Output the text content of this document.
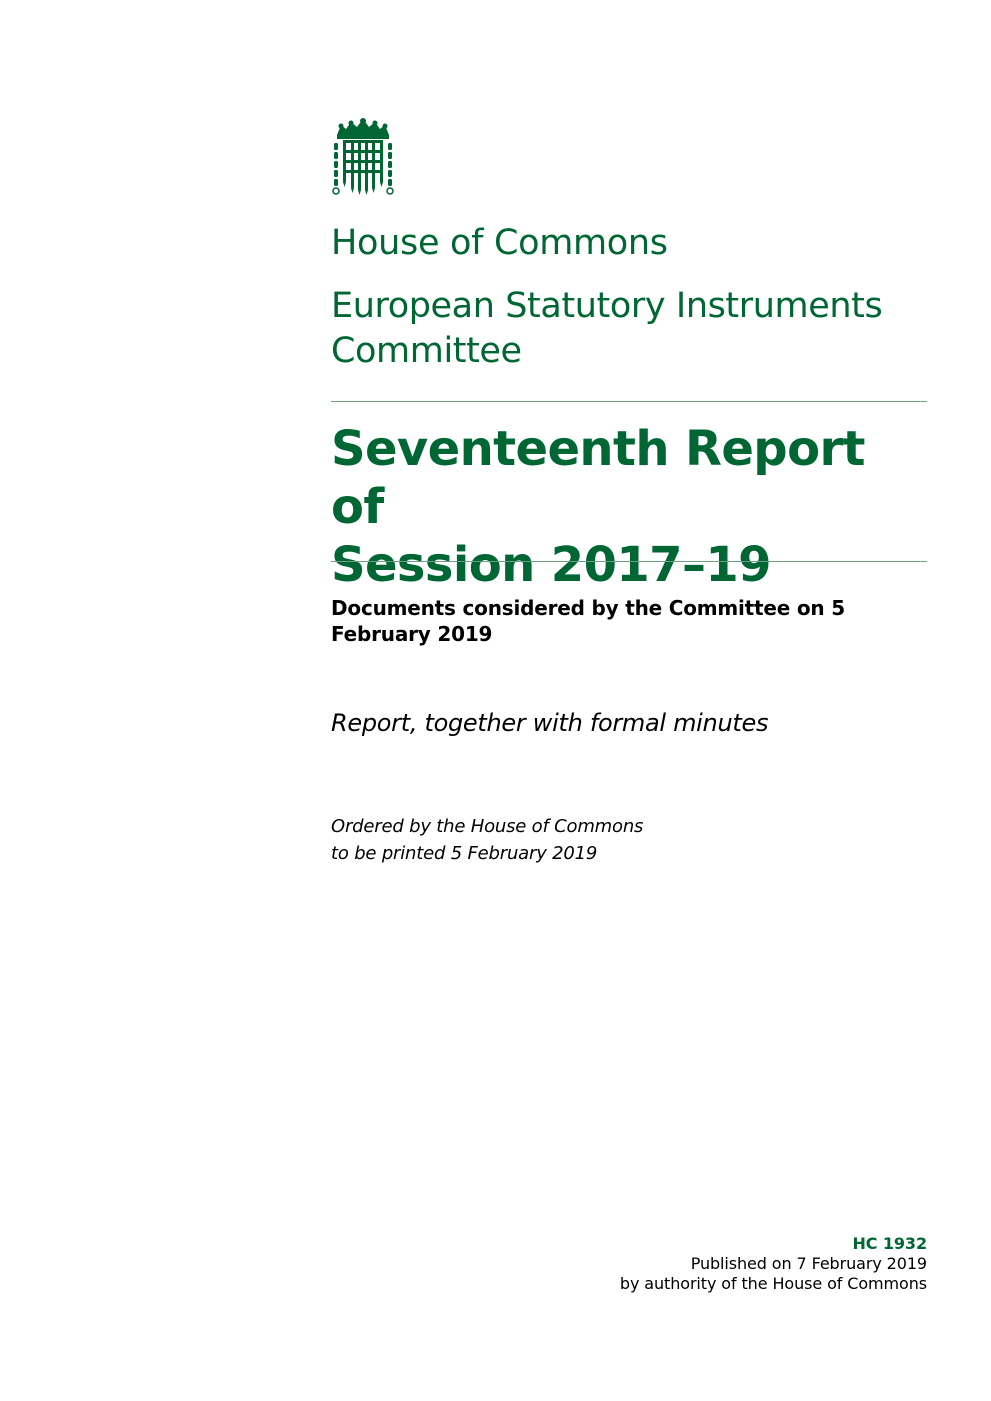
House of Commons
European Statutory Instruments Committee
Seventeenth Report of
Session 2017–19
Documents considered by the Committee on 5 February 2019
Report, together with formal minutes
Ordered by the House of Commons
to be printed 5 February 2019
HC 1932
Published on 7 February 2019
by authority of the House of Commons
